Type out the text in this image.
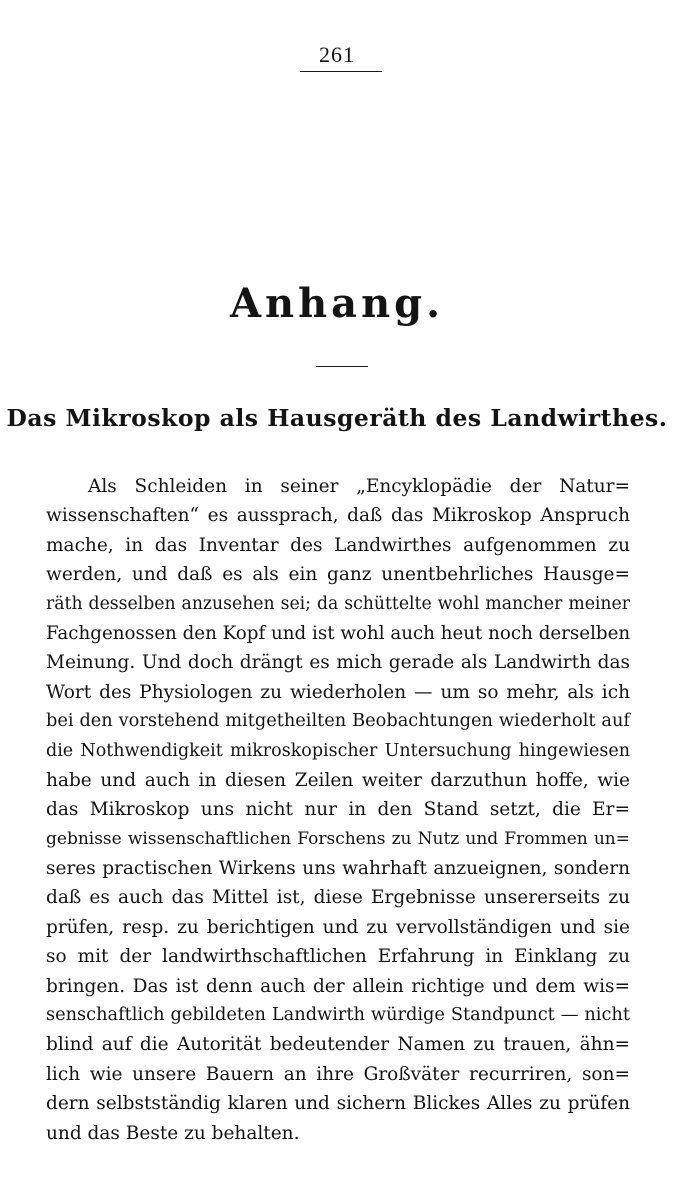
261
Anhang.
Das Mikroskop als Hausgeräth des Landwirthes.
Als Schleiden in seiner „Encyklopädie der Natur=
wissenschaften“ es aussprach, daß das Mikroskop Anspruch
mache, in das Inventar des Landwirthes aufgenommen zu
werden, und daß es als ein ganz unentbehrliches Hausge=
räth desselben anzusehen sei; da schüttelte wohl mancher meiner
Fachgenossen den Kopf und ist wohl auch heut noch derselben
Meinung. Und doch drängt es mich gerade als Landwirth das
Wort des Physiologen zu wiederholen — um so mehr, als ich
bei den vorstehend mitgetheilten Beobachtungen wiederholt auf
die Nothwendigkeit mikroskopischer Untersuchung hingewiesen
habe und auch in diesen Zeilen weiter darzuthun hoffe, wie
das Mikroskop uns nicht nur in den Stand setzt, die Er=
gebnisse wissenschaftlichen Forschens zu Nutz und Frommen un=
seres practischen Wirkens uns wahrhaft anzueignen, sondern
daß es auch das Mittel ist, diese Ergebnisse unsererseits zu
prüfen, resp. zu berichtigen und zu vervollständigen und sie
so mit der landwirthschaftlichen Erfahrung in Einklang zu
bringen. Das ist denn auch der allein richtige und dem wis=
senschaftlich gebildeten Landwirth würdige Standpunct — nicht
blind auf die Autorität bedeutender Namen zu trauen, ähn=
lich wie unsere Bauern an ihre Großväter recurriren, son=
dern selbstständig klaren und sichern Blickes Alles zu prüfen
und das Beste zu behalten.
